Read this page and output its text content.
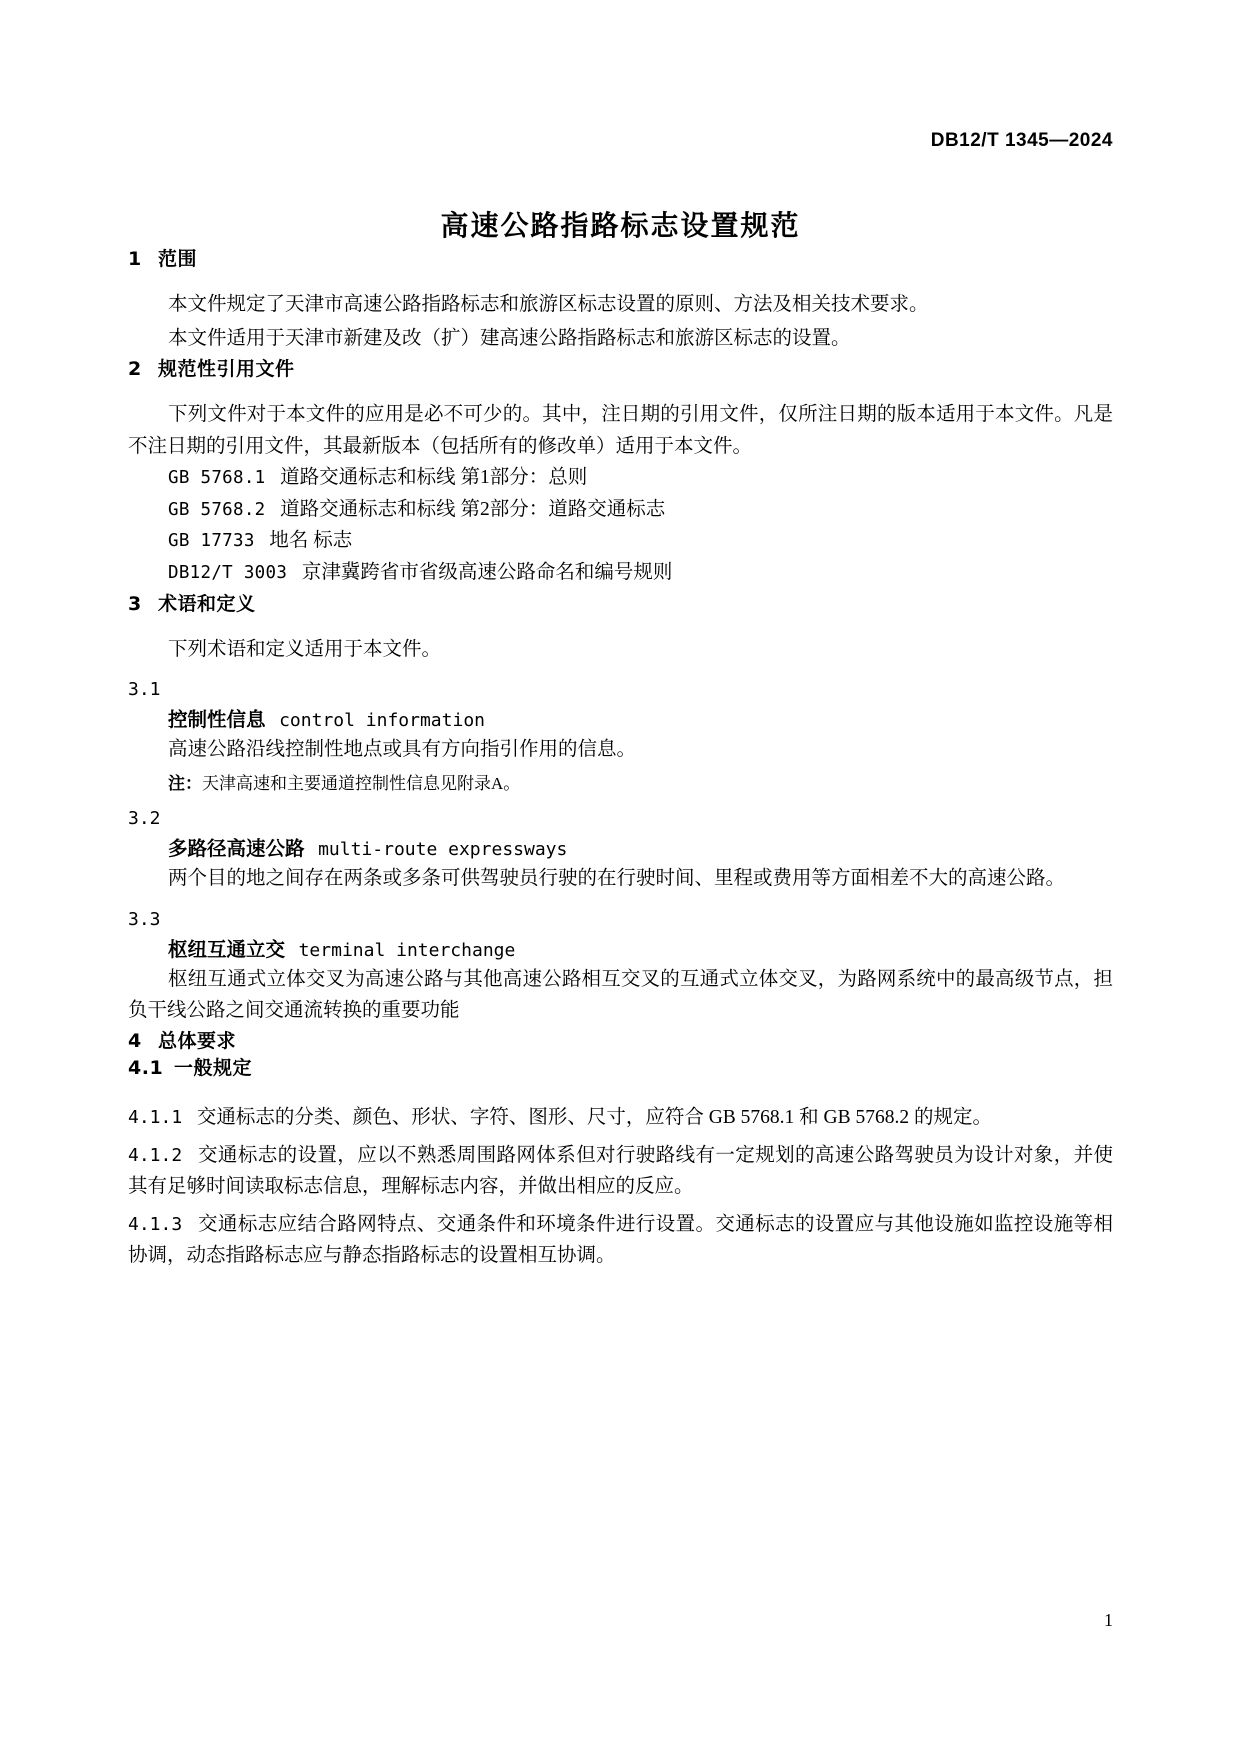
DB12/T 1345—2024
高速公路指路标志设置规范
1 范围

本文件规定了天津市高速公路指路标志和旅游区标志设置的原则、方法及相关技术要求。

本文件适用于天津市新建及改（扩）建高速公路指路标志和旅游区标志的设置。

2 规范性引用文件

下列文件对于本文件的应用是必不可少的。其中，注日期的引用文件，仅所注日期的版本适用于本文件。凡是不注日期的引用文件，其最新版本（包括所有的修改单）适用于本文件。

GB 5768.1 道路交通标志和标线 第1部分：总则
GB 5768.2 道路交通标志和标线 第2部分：道路交通标志
GB 17733 地名 标志
DB12/T 3003 京津冀跨省市省级高速公路命名和编号规则
3 术语和定义

下列术语和定义适用于本文件。

3.1
控制性信息 control information
高速公路沿线控制性地点或具有方向指引作用的信息。
注：天津高速和主要通道控制性信息见附录A。
3.2
多路径高速公路 multi-route expressways
两个目的地之间存在两条或多条可供驾驶员行驶的在行驶时间、里程或费用等方面相差不大的高速公路。
3.3
枢纽互通立交 terminal interchange
枢纽互通式立体交叉为高速公路与其他高速公路相互交叉的互通式立体交叉，为路网系统中的最高级节点，担负干线公路之间交通流转换的重要功能
4 总体要求
4.1 一般规定

4.1.1 交通标志的分类、颜色、形状、字符、图形、尺寸，应符合 GB 5768.1 和 GB 5768.2 的规定。

4.1.2 交通标志的设置，应以不熟悉周围路网体系但对行驶路线有一定规划的高速公路驾驶员为设计对象，并使其有足够时间读取标志信息，理解标志内容，并做出相应的反应。

4.1.3 交通标志应结合路网特点、交通条件和环境条件进行设置。交通标志的设置应与其他设施如监控设施等相协调，动态指路标志应与静态指路标志的设置相互协调。

1
